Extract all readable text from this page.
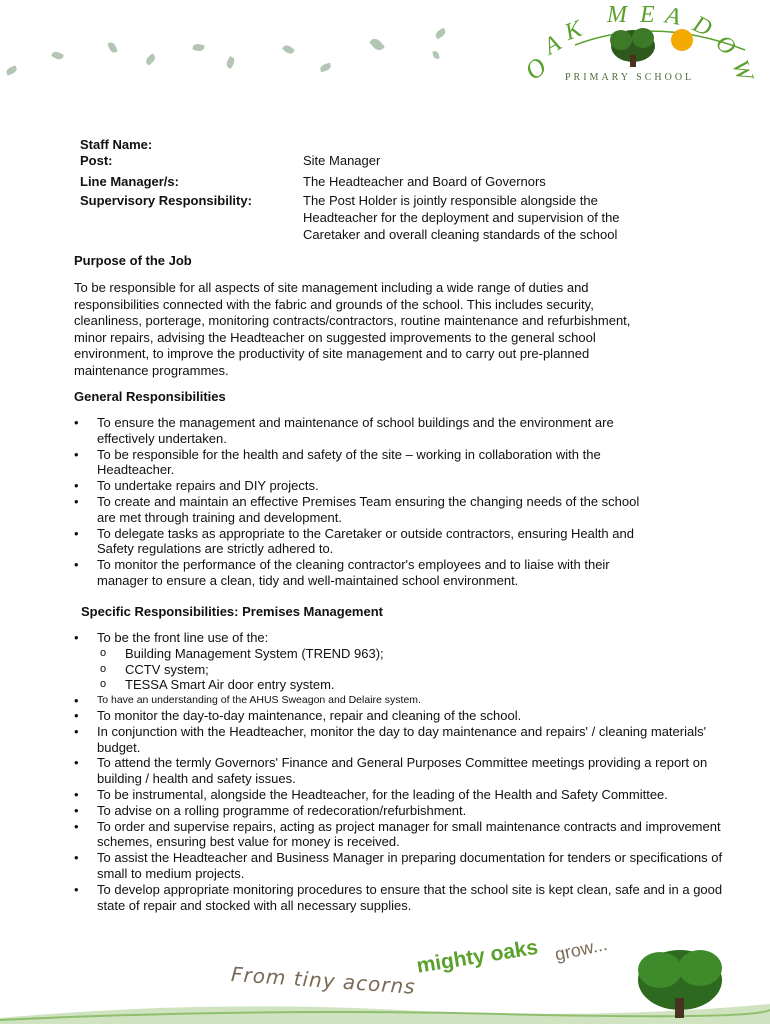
O
A
K
M E A D
O
W
PRIMARY SCHOOL
Staff Name:
Post:	Site Manager
Line Manager/s:	The Headteacher and Board of Governors
Supervisory Responsibility:	The Post Holder is jointly responsible alongside the Headteacher for the deployment and supervision of the Caretaker and overall cleaning standards of the school
Purpose of the Job

To be responsible for all aspects of site management including a wide range of duties and responsibilities connected with the fabric and grounds of the school. This includes security, cleanliness, porterage, monitoring contracts/contractors, routine maintenance and refurbishment, minor repairs, advising the Headteacher on suggested improvements to the general school environment, to improve the productivity of site management and to carry out pre-planned maintenance programmes.

General Responsibilities
• To ensure the management and maintenance of school buildings and the environment are effectively undertaken.
• To be responsible for the health and safety of the site – working in collaboration with the Headteacher.
• To undertake repairs and DIY projects.
• To create and maintain an effective Premises Team ensuring the changing needs of the school are met through training and development.
• To delegate tasks as appropriate to the Caretaker or outside contractors, ensuring Health and Safety regulations are strictly adhered to.
• To monitor the performance of the cleaning contractor's employees and to liaise with their manager to ensure a clean, tidy and well-maintained school environment.
Specific Responsibilities: Premises Management
• To be the front line use of the:
o Building Management System (TREND 963);
o CCTV system;
o TESSA Smart Air door entry system.
• To have an understanding of the AHUS Sweagon and Delaire system.
• To monitor the day-to-day maintenance, repair and cleaning of the school.
• In conjunction with the Headteacher, monitor the day to day maintenance and repairs' / cleaning materials' budget.
• To attend the termly Governors' Finance and General Purposes Committee meetings providing a report on building / health and safety issues.
• To be instrumental, alongside the Headteacher, for the leading of the Health and Safety Committee.
• To advise on a rolling programme of redecoration/refurbishment.
• To order and supervise repairs, acting as project manager for small maintenance contracts and improvement schemes, ensuring best value for money is received.
• To assist the Headteacher and Business Manager in preparing documentation for tenders or specifications of small to medium projects.
• To develop appropriate monitoring procedures to ensure that the school site is kept clean, safe and in a good state of repair and stocked with all necessary supplies.
From tiny acorns
mighty oaks grow...
